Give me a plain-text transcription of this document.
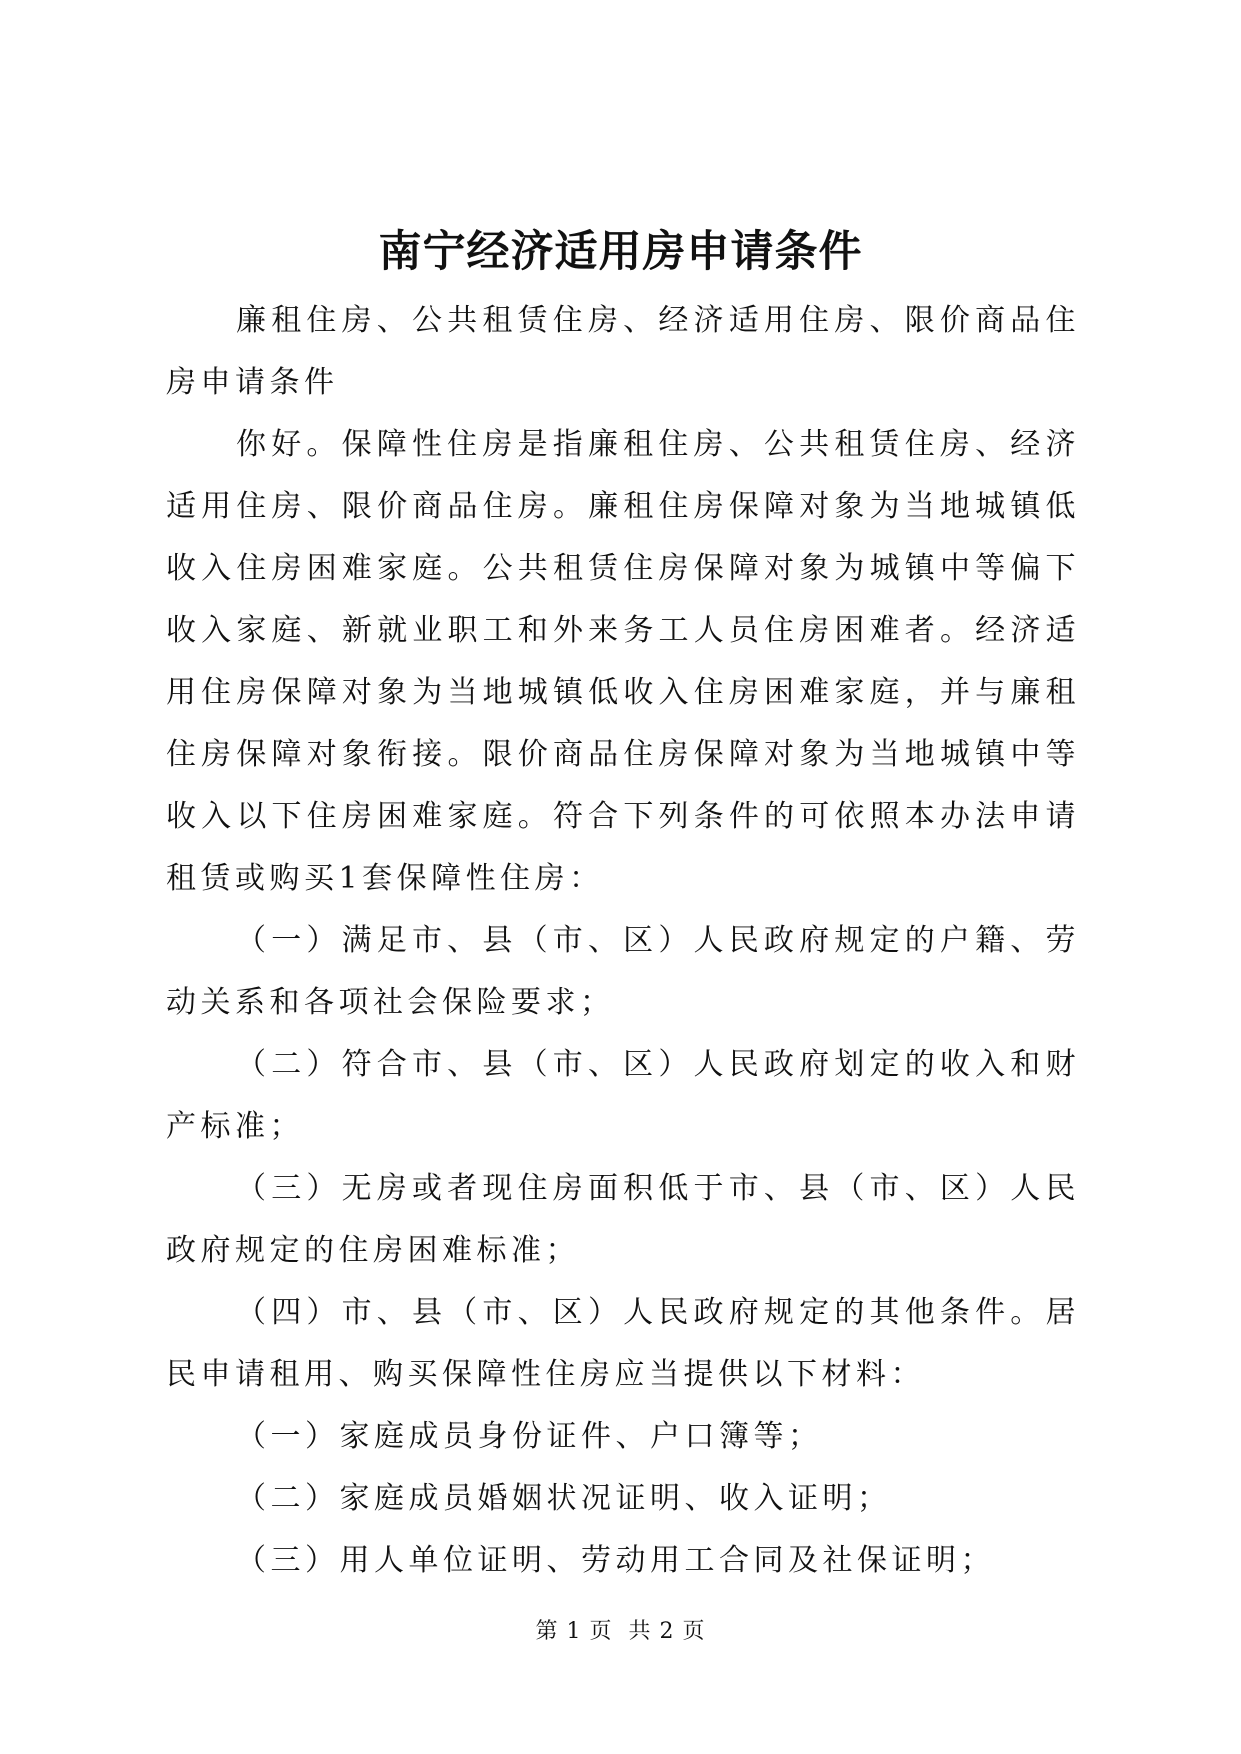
南宁经济适用房申请条件

廉租住房、公共租赁住房、经济适用住房、限价商品住房申请条件

你好。保障性住房是指廉租住房、公共租赁住房、经济适用住房、限价商品住房。廉租住房保障对象为当地城镇低收入住房困难家庭。公共租赁住房保障对象为城镇中等偏下收入家庭、新就业职工和外来务工人员住房困难者。经济适用住房保障对象为当地城镇低收入住房困难家庭，并与廉租住房保障对象衔接。限价商品住房保障对象为当地城镇中等收入以下住房困难家庭。符合下列条件的可依照本办法申请租赁或购买1套保障性住房：

（一）满足市、县（市、区）人民政府规定的户籍、劳动关系和各项社会保险要求；

（二）符合市、县（市、区）人民政府划定的收入和财产标准；

（三）无房或者现住房面积低于市、县（市、区）人民政府规定的住房困难标准；

（四）市、县（市、区）人民政府规定的其他条件。居民申请租用、购买保障性住房应当提供以下材料：

（一）家庭成员身份证件、户口簿等；

（二）家庭成员婚姻状况证明、收入证明；

（三）用人单位证明、劳动用工合同及社保证明；

第 1 页  共 2 页
